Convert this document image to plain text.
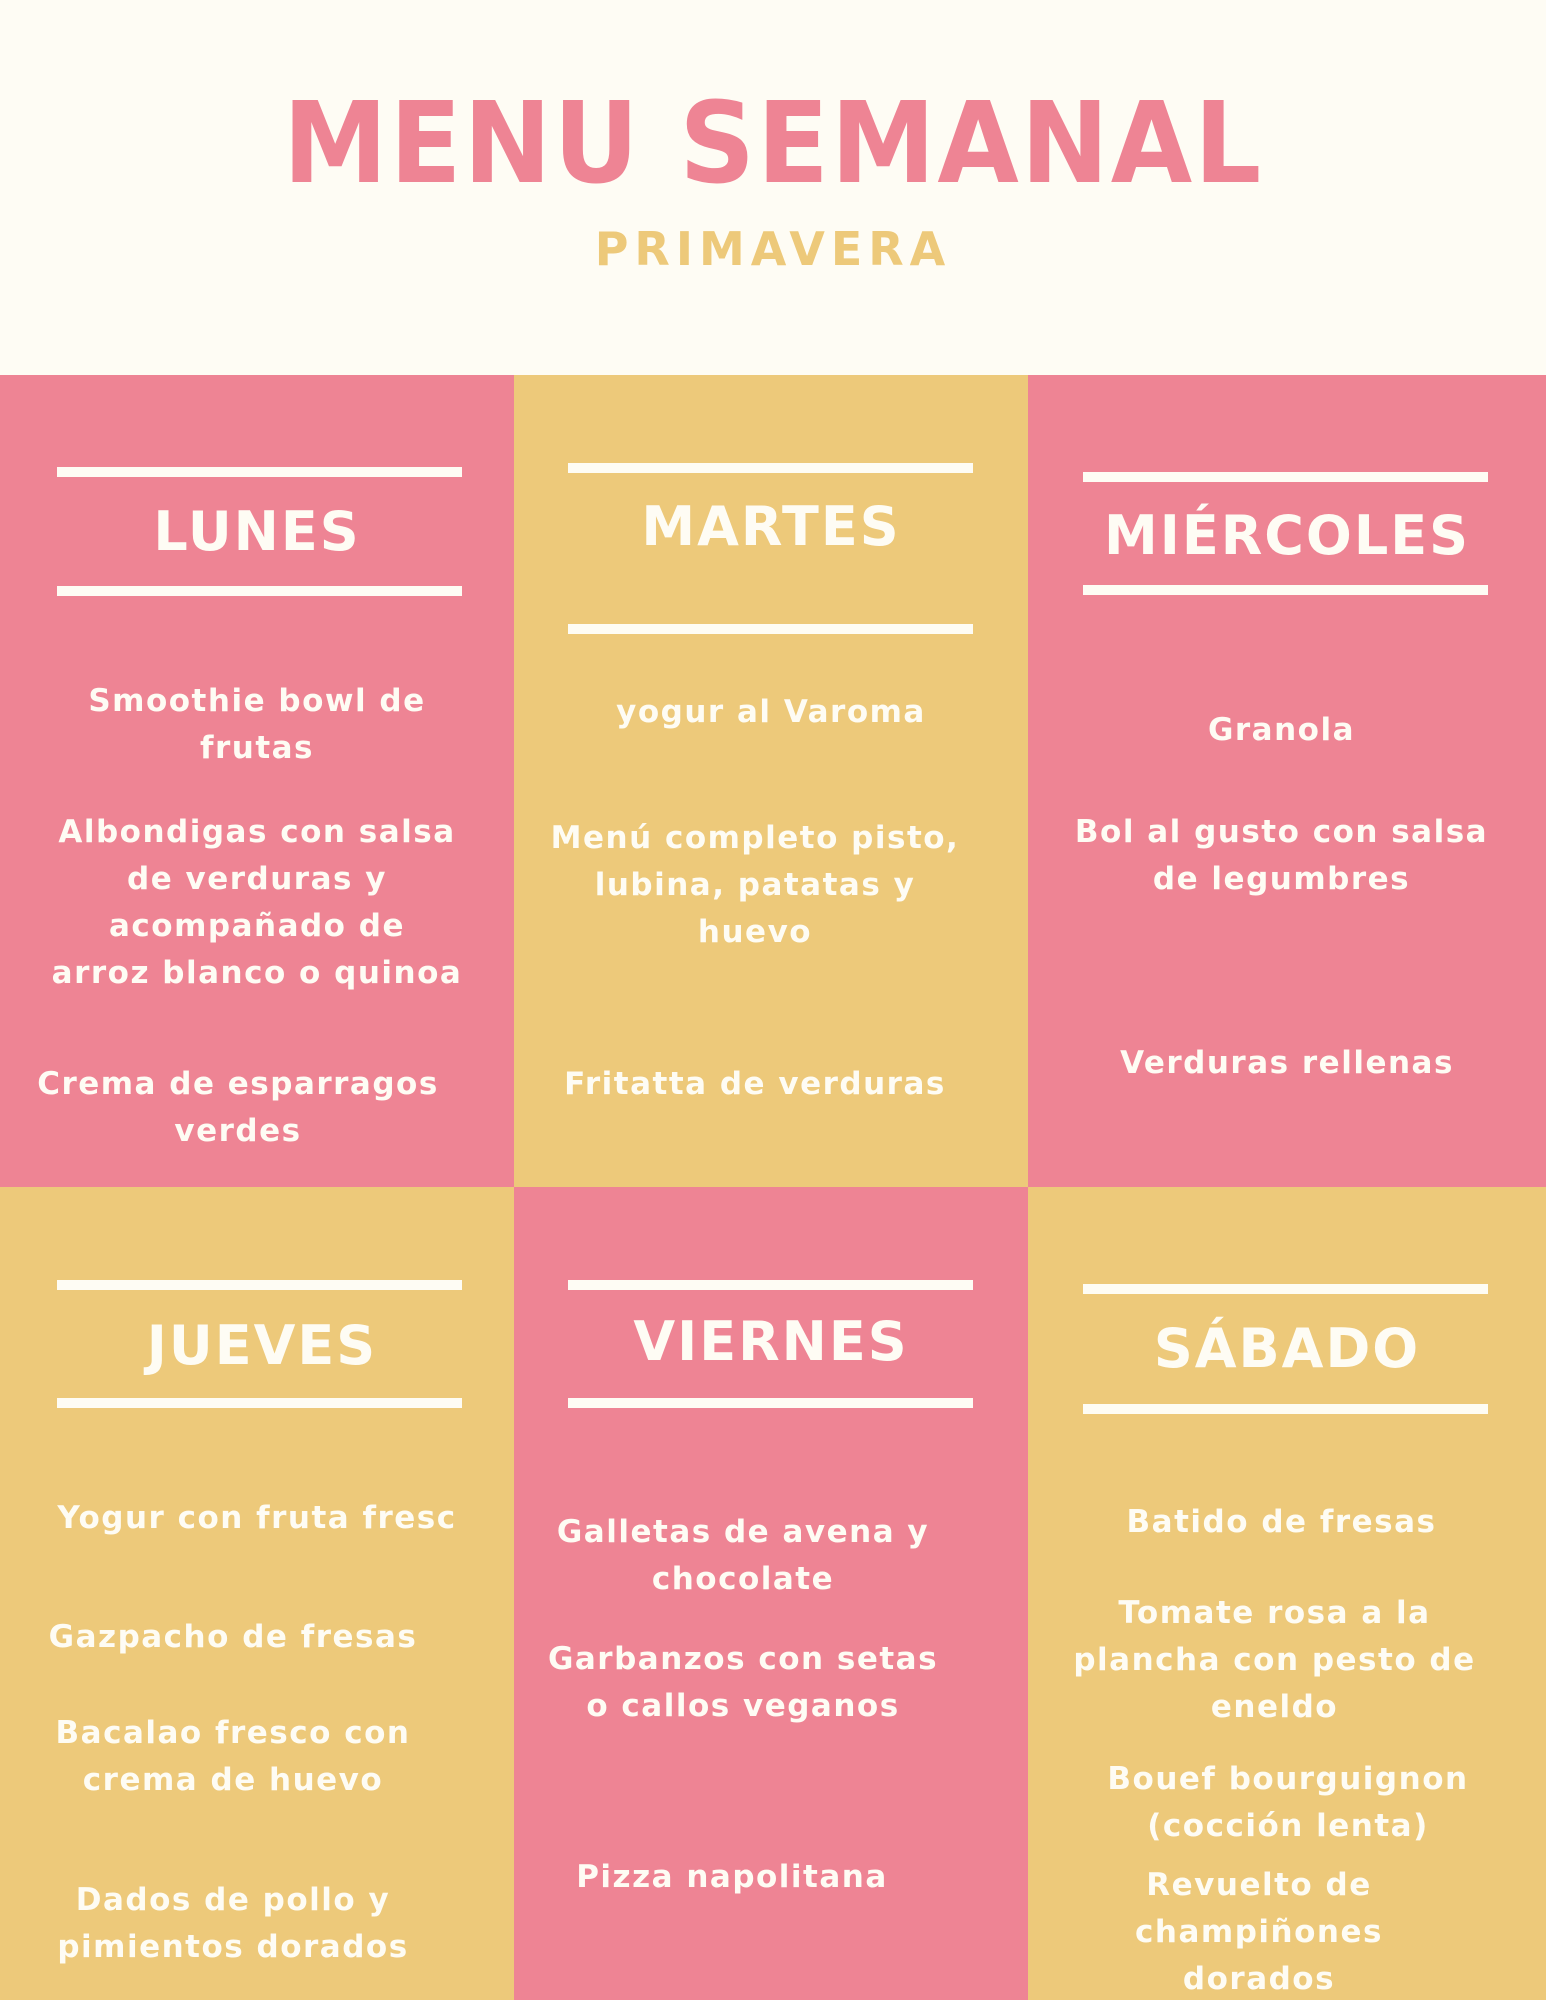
MENU SEMANAL
PRIMAVERA
LUNES
Smoothie bowl de
frutas
Albondigas con salsa
de verduras y
acompañado de
arroz blanco o quinoa
Crema de esparragos
verdes
MARTES
yogur al Varoma
Menú completo pisto,
lubina, patatas y
huevo
Fritatta de verduras
MIÉRCOLES
Granola
Bol al gusto con salsa
de legumbres
Verduras rellenas
JUEVES
Yogur con fruta fresc
Gazpacho de fresas
Bacalao fresco con
crema de huevo
Dados de pollo y
pimientos dorados
VIERNES
Galletas de avena y
chocolate
Garbanzos con setas
o callos veganos
Pizza napolitana
SÁBADO
Batido de fresas
Tomate rosa a la
plancha con pesto de
eneldo
Bouef bourguignon
(cocción lenta)
Revuelto de
champiñones
dorados
